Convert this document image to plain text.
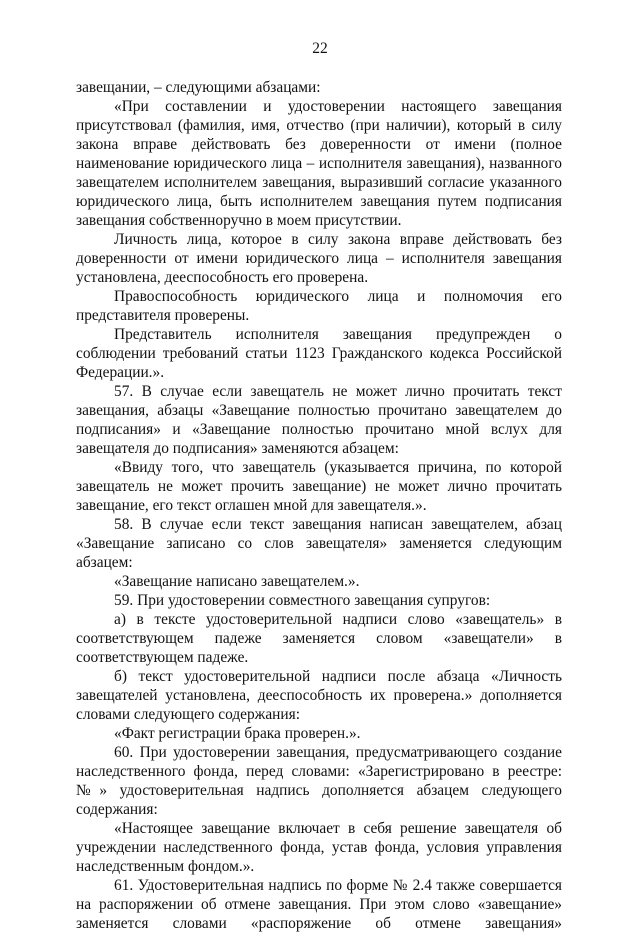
22

завещании, – следующими абзацами:

«При составлении и удостоверении настоящего завещания присутствовал (фамилия, имя, отчество (при наличии), который в силу закона вправе действовать без доверенности от имени (полное наименование юридического лица – исполнителя завещания), названного завещателем исполнителем завещания, выразивший согласие указанного юридического лица, быть исполнителем завещания путем подписания завещания собственноручно в моем присутствии.

Личность лица, которое в силу закона вправе действовать без доверенности от имени юридического лица – исполнителя завещания установлена, дееспособность его проверена.

Правоспособность юридического лица и полномочия его представителя проверены.

Представитель исполнителя завещания предупрежден о соблюдении требований статьи 1123 Гражданского кодекса Российской Федерации.».

57. В случае если завещатель не может лично прочитать текст завещания, абзацы «Завещание полностью прочитано завещателем до подписания» и «Завещание полностью прочитано мной вслух для завещателя до подписания» заменяются абзацем:

«Ввиду того, что завещатель (указывается причина, по которой завещатель не может прочить завещание) не может лично прочитать завещание, его текст оглашен мной для завещателя.».

58. В случае если текст завещания написан завещателем, абзац «Завещание записано со слов завещателя» заменяется следующим абзацем:

«Завещание написано завещателем.».

59. При удостоверении совместного завещания супругов:

а) в тексте удостоверительной надписи слово «завещатель» в соответствующем падеже заменяется словом «завещатели» в соответствующем падеже.

б) текст удостоверительной надписи после абзаца «Личность завещателей установлена, дееспособность их проверена.» дополняется словами следующего содержания:

«Факт регистрации брака проверен.».

60. При удостоверении завещания, предусматривающего создание наследственного фонда, перед словами: «Зарегистрировано в реестре: №» удостоверительная надпись дополняется абзацем следующего содержания:

«Настоящее завещание включает в себя решение завещателя об учреждении наследственного фонда, устав фонда, условия управления наследственным фондом.».

61. Удостоверительная надпись по форме № 2.4 также совершается на распоряжении об отмене завещания. При этом слово «завещание» заменяется словами «распоряжение об отмене завещания»
